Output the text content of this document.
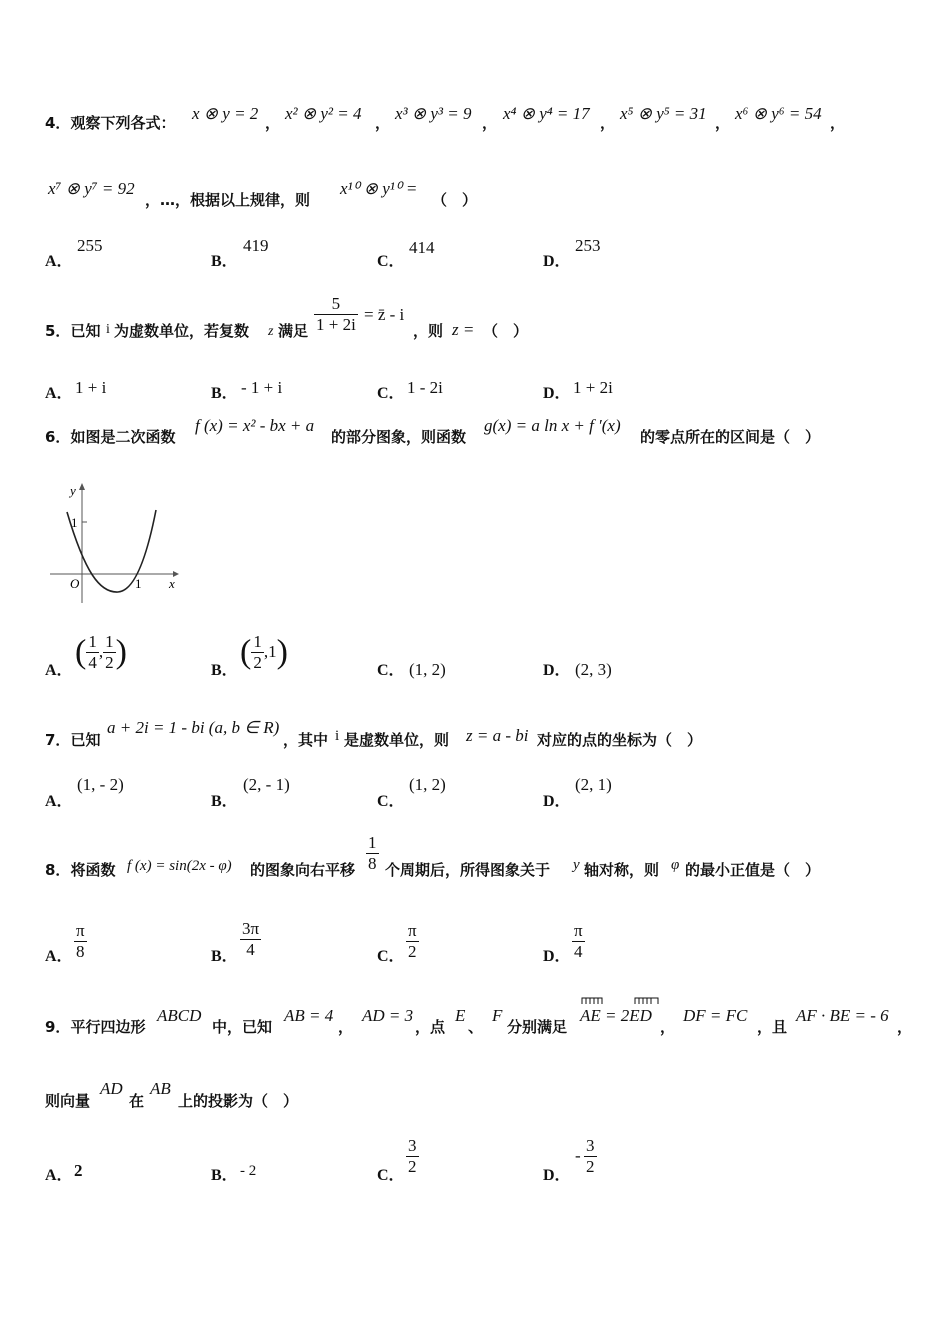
4．观察下列各式： x ⊗ y = 2 ， x² ⊗ y² = 4 ， x³ ⊗ y³ = 9 ， x⁴ ⊗ y⁴ = 17 ， x⁵ ⊗ y⁵ = 31 ， x⁶ ⊗ y⁶ = 54 ，
x⁷ ⊗ y⁷ = 92
，…，根据以上规律，则
x¹⁰ ⊗ y¹⁰ =
（　）
A．
255
B．
419
C．
414
D．
253
5．已知 i 为虚数单位，若复数 z 满足 $\frac{5}{1 + 2i}$ = z̄ - i
，则 z = （　）
A． 1 + i	B． - 1 + i	C． 1 - 2i	D． 1 + 2i
6．如图是二次函数
f (x) = x² - bx + a
的部分图象，则函数
g(x) = a ln x + f ′(x)
的零点所在的区间是（　）
y
1
O	1 x
A． ( $\frac{1}{4}$ , $\frac{1}{2}$ )	B． ( $\frac{1}{2} ,1$)	C． (1, 2)	D． (2, 3)
7．已知
a + 2i = 1 - bi (a, b ∈ R)
，其中 i 是虚数单位，则 z = a - bi 对应的点的坐标为（　）
A．
(1, - 2)
B．
(2, - 1)
C．
(1, 2)
D．
(2, 1)
8．将函数 f (x) = sin(2x - φ) 的图象向右平移 $\frac{1}{8}$ 个周期后，所得图象关于 y 轴对称，则 φ 的最小正值是（　）
A． $\frac{\pi}{8}$	B． $\frac{3\pi}{4}$	C． $\frac{\pi}{2}$	D． $\frac{\pi}{4}$
9．平行四边形
ABCD
中，已知
AB = 4
，
AD = 3
，点
E
、
F
分别满足
AE = 2ED
，
DF = FC
，且
AF · BE = - 6
，
则向量
AD
在
AB
上的投影为（　）
A． 2	B． - 2	C． $\frac{3}{2}$	D．
- $\frac{3}{2}$
